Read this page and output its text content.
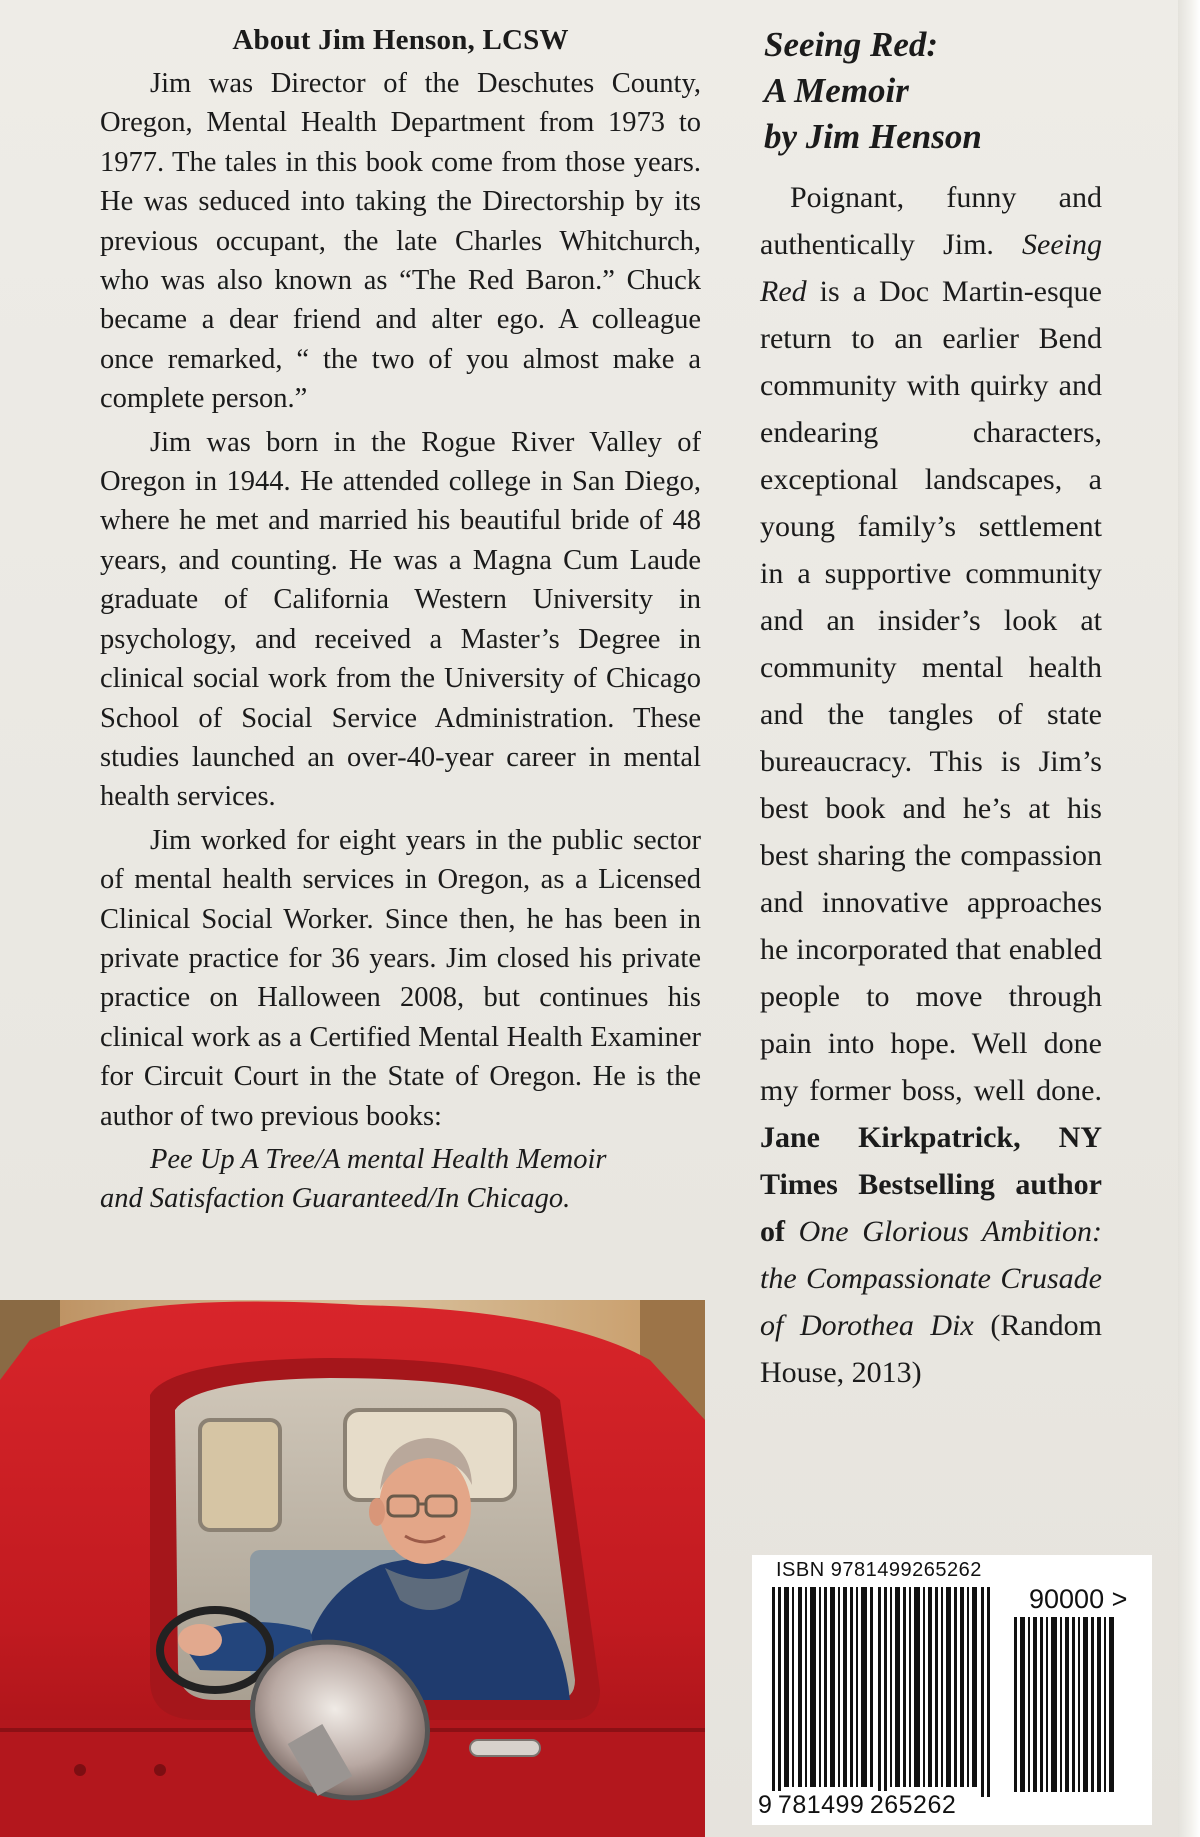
About Jim Henson, LCSW

Jim was Director of the Deschutes County, Oregon, Mental Health Department from 1973 to 1977. The tales in this book come from those years. He was seduced into taking the Directorship by its previous occupant, the late Charles Whitchurch, who was also known as “The Red Baron.” Chuck became a dear friend and alter ego. A colleague once remarked, “ the two of you almost make a complete person.”

Jim was born in the Rogue River Valley of Oregon in 1944. He attended college in San Diego, where he met and married his beautiful bride of 48 years, and counting. He was a Magna Cum Laude graduate of California Western University in psychology, and received a Master’s Degree in clinical social work from the University of Chicago School of Social Service Administration. These studies launched an over-40-year career in mental health services.

Jim worked for eight years in the public sector of mental health services in Oregon, as a Licensed Clinical Social Worker. Since then, he has been in private practice for 36 years. Jim closed his private practice on Halloween 2008, but continues his clinical work as a Certified Mental Health Examiner for Circuit Court in the State of Oregon. He is the author of two previous books:

Pee Up A Tree/A mental Health Memoir
and Satisfaction Guaranteed/In Chicago.

Seeing Red:
A Memoir
by Jim Henson

Poignant, funny and authentically Jim. Seeing Red is a Doc Martin-esque return to an earlier Bend community with quirky and endearing characters, exceptional landscapes, a young family’s settlement in a supportive community and an insider’s look at community mental health and the tangles of state bureaucracy. This is Jim’s best book and he’s at his best sharing the compassion and innovative approaches he incorporated that enabled people to move through pain into hope. Well done my former boss, well done. Jane Kirkpatrick, NY Times Bestselling author of One Glorious Ambition: the Compassionate Crusade of Dorothea Dix (Random House, 2013)

ISBN 9781499265262
90000 >
9 781499 265262
